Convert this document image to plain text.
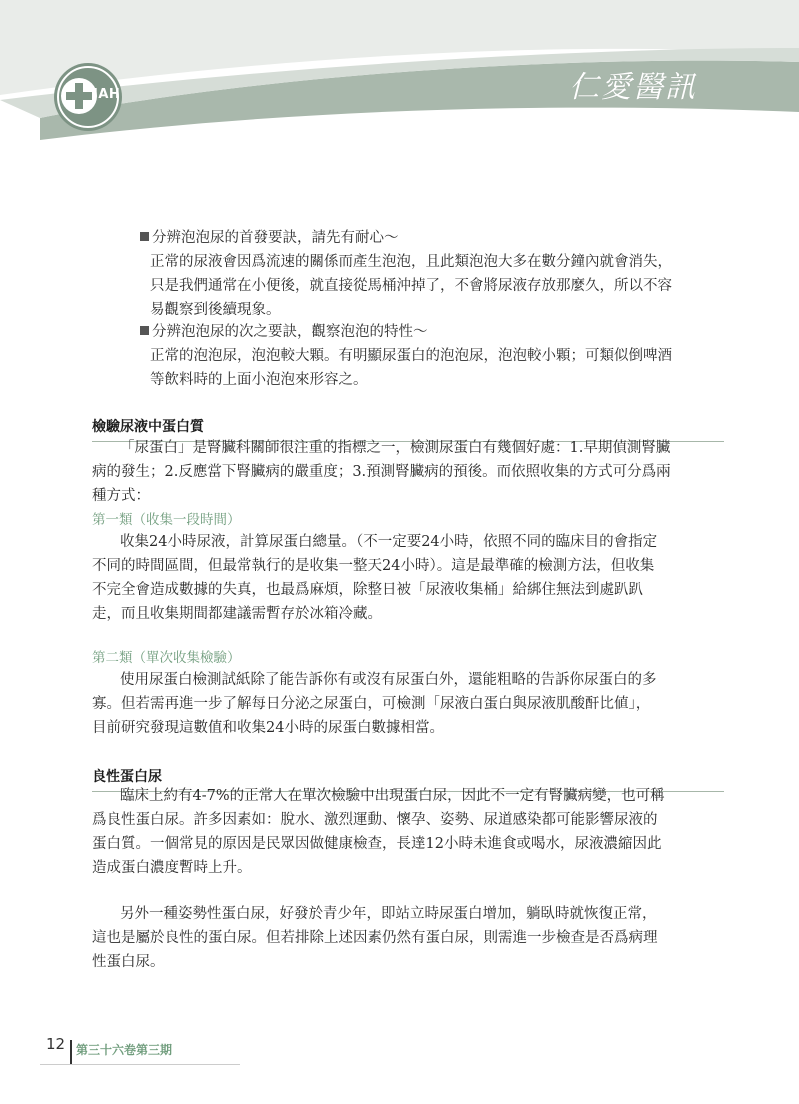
JAH	仁愛醫訊

分辨泡泡尿的首發要訣，請先有耐心～

正常的尿液會因爲流速的關係而產生泡泡，且此類泡泡大多在數分鐘內就會消失，

只是我們通常在小便後，就直接從馬桶沖掉了，不會將尿液存放那麼久，所以不容

易觀察到後續現象。

分辨泡泡尿的次之要訣，觀察泡泡的特性～

正常的泡泡尿，泡泡較大顆。有明顯尿蛋白的泡泡尿，泡泡較小顆；可類似倒啤酒

等飲料時的上面小泡泡來形容之。

檢驗尿液中蛋白質

「尿蛋白」是腎臟科關師很注重的指標之一，檢測尿蛋白有幾個好處：1.早期偵測腎臟

病的發生；2.反應當下腎臟病的嚴重度；3.預測腎臟病的預後。而依照收集的方式可分爲兩

種方式：

第一類（收集一段時間）

收集24小時尿液，計算尿蛋白總量。（不一定要24小時，依照不同的臨床目的會指定

不同的時間區間，但最常執行的是收集一整天24小時）。這是最準確的檢測方法，但收集

不完全會造成數據的失真，也最爲麻煩，除整日被「尿液收集桶」給綁住無法到處趴趴

走，而且收集期間都建議需暫存於冰箱冷藏。

第二類（單次收集檢驗）

使用尿蛋白檢測試紙除了能告訴你有或沒有尿蛋白外，還能粗略的告訴你尿蛋白的多

寡。但若需再進一步了解每日分泌之尿蛋白，可檢測「尿液白蛋白與尿液肌酸酐比値」，

目前研究發現這數值和收集24小時的尿蛋白數據相當。

良性蛋白尿

臨床上約有4-7%的正常人在單次檢驗中出現蛋白尿，因此不一定有腎臟病變，也可稱

爲良性蛋白尿。許多因素如：脫水、激烈運動、懷孕、姿勢、尿道感染都可能影響尿液的

蛋白質。一個常見的原因是民眾因做健康檢查，長達12小時未進食或喝水，尿液濃縮因此

造成蛋白濃度暫時上升。

另外一種姿勢性蛋白尿，好發於青少年，即站立時尿蛋白增加，躺臥時就恢復正常，

這也是屬於良性的蛋白尿。但若排除上述因素仍然有蛋白尿，則需進一步檢查是否爲病理

性蛋白尿。

12 第三十六卷第三期
